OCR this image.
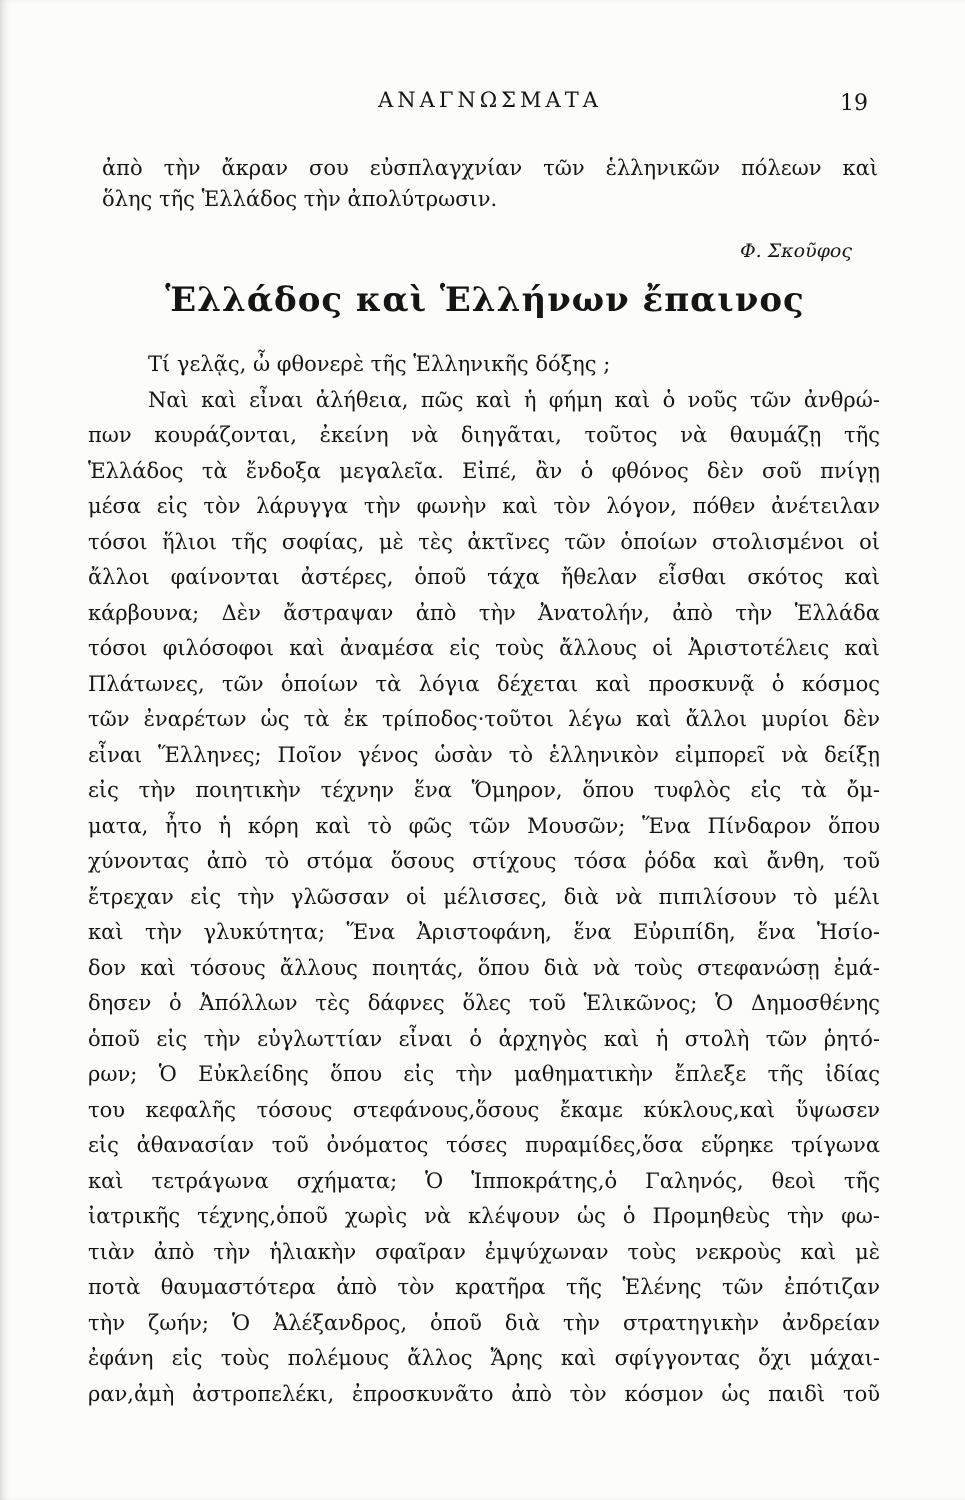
ΑΝΑΓΝΩΣΜΑΤΑ	19
ἀπὸ τὴν ἄκραν σου εὐσπλαγχνίαν τῶν ἑλληνικῶν πόλεων καὶ
ὅλης τῆς Ἑλλάδος τὴν ἀπολύτρωσιν.
Φ. Σκοῦφος
Ἑλλάδος καὶ Ἑλλήνων ἔπαινος
Τί γελᾷς, ὦ φθονερὲ τῆς Ἑλληνικῆς δόξης ;
Ναὶ καὶ εἶναι ἀλήθεια, πῶς καὶ ἡ φήμη καὶ ὁ νοῦς τῶν ἀνθρώ-
πων κουράζονται, ἐκείνη νὰ διηγᾶται, τοῦτος νὰ θαυμάζῃ τῆς
Ἑλλάδος τὰ ἔνδοξα μεγαλεῖα. Εἰπέ, ἂν ὁ φθόνος δὲν σοῦ πνίγῃ
μέσα εἰς τὸν λάρυγγα τὴν φωνὴν καὶ τὸν λόγον, πόθεν ἀνέτειλαν
τόσοι ἥλιοι τῆς σοφίας, μὲ τὲς ἀκτῖνες τῶν ὁποίων στολισμένοι οἱ
ἄλλοι φαίνονται ἀστέρες, ὁποῦ τάχα ἤθελαν εἶσθαι σκότος καὶ
κάρβουνα; Δὲν ἄστραψαν ἀπὸ τὴν Ἀνατολήν, ἀπὸ τὴν Ἑλλάδα
τόσοι φιλόσοφοι καὶ ἀναμέσα εἰς τοὺς ἄλλους οἱ Ἀριστοτέλεις καὶ
Πλάτωνες, τῶν ὁποίων τὰ λόγια δέχεται καὶ προσκυνᾷ ὁ κόσμος
τῶν ἐναρέτων ὡς τὰ ἐκ τρίποδος·τοῦτοι λέγω καὶ ἄλλοι μυρίοι δὲν
εἶναι Ἕλληνες; Ποῖον γένος ὡσὰν τὸ ἑλληνικὸν εἰμπορεῖ νὰ δείξῃ
εἰς τὴν ποιητικὴν τέχνην ἕνα Ὅμηρον, ὅπου τυφλὸς εἰς τὰ ὄμ-
ματα, ἦτο ἡ κόρη καὶ τὸ φῶς τῶν Μουσῶν; Ἕνα Πίνδαρον ὅπου
χύνοντας ἀπὸ τὸ στόμα ὅσους στίχους τόσα ῥόδα καὶ ἄνθη, τοῦ
ἔτρεχαν εἰς τὴν γλῶσσαν οἱ μέλισσες, διὰ νὰ πιπιλίσουν τὸ μέλι
καὶ τὴν γλυκύτητα; Ἕνα Ἀριστοφάνη, ἕνα Εὐριπίδη, ἕνα Ἡσίο-
δον καὶ τόσους ἄλλους ποιητάς, ὅπου διὰ νὰ τοὺς στεφανώσῃ ἐμά-
δησεν ὁ Ἀπόλλων τὲς δάφνες ὅλες τοῦ Ἑλικῶνος; Ὁ Δημοσθένης
ὁποῦ εἰς τὴν εὐγλωττίαν εἶναι ὁ ἀρχηγὸς καὶ ἡ στολὴ τῶν ῥητό-
ρων; Ὁ Εὐκλείδης ὅπου εἰς τὴν μαθηματικὴν ἔπλεξε τῆς ἰδίας
του κεφαλῆς τόσους στεφάνους,ὅσους ἔκαμε κύκλους,καὶ ὕψωσεν
εἰς ἀθανασίαν τοῦ ὀνόματος τόσες πυραμίδες,ὅσα εὕρηκε τρίγωνα
καὶ τετράγωνα σχήματα; Ὁ Ἱπποκράτης,ὁ Γαληνός, θεοὶ τῆς
ἰατρικῆς τέχνης,ὁποῦ χωρὶς νὰ κλέψουν ὡς ὁ Προμηθεὺς τὴν φω-
τιὰν ἀπὸ τὴν ἡλιακὴν σφαῖραν ἐμψύχωναν τοὺς νεκροὺς καὶ μὲ
ποτὰ θαυμαστότερα ἀπὸ τὸν κρατῆρα τῆς Ἑλένης τῶν ἐπότιζαν
τὴν ζωήν; Ὁ Ἀλέξανδρος, ὁποῦ διὰ τὴν στρατηγικὴν ἀνδρείαν
ἐφάνη εἰς τοὺς πολέμους ἄλλος Ἄρης καὶ σφίγγοντας ὄχι μάχαι-
ραν,ἀμὴ ἀστροπελέκι, ἐπροσκυνᾶτο ἀπὸ τὸν κόσμον ὡς παιδὶ τοῦ
